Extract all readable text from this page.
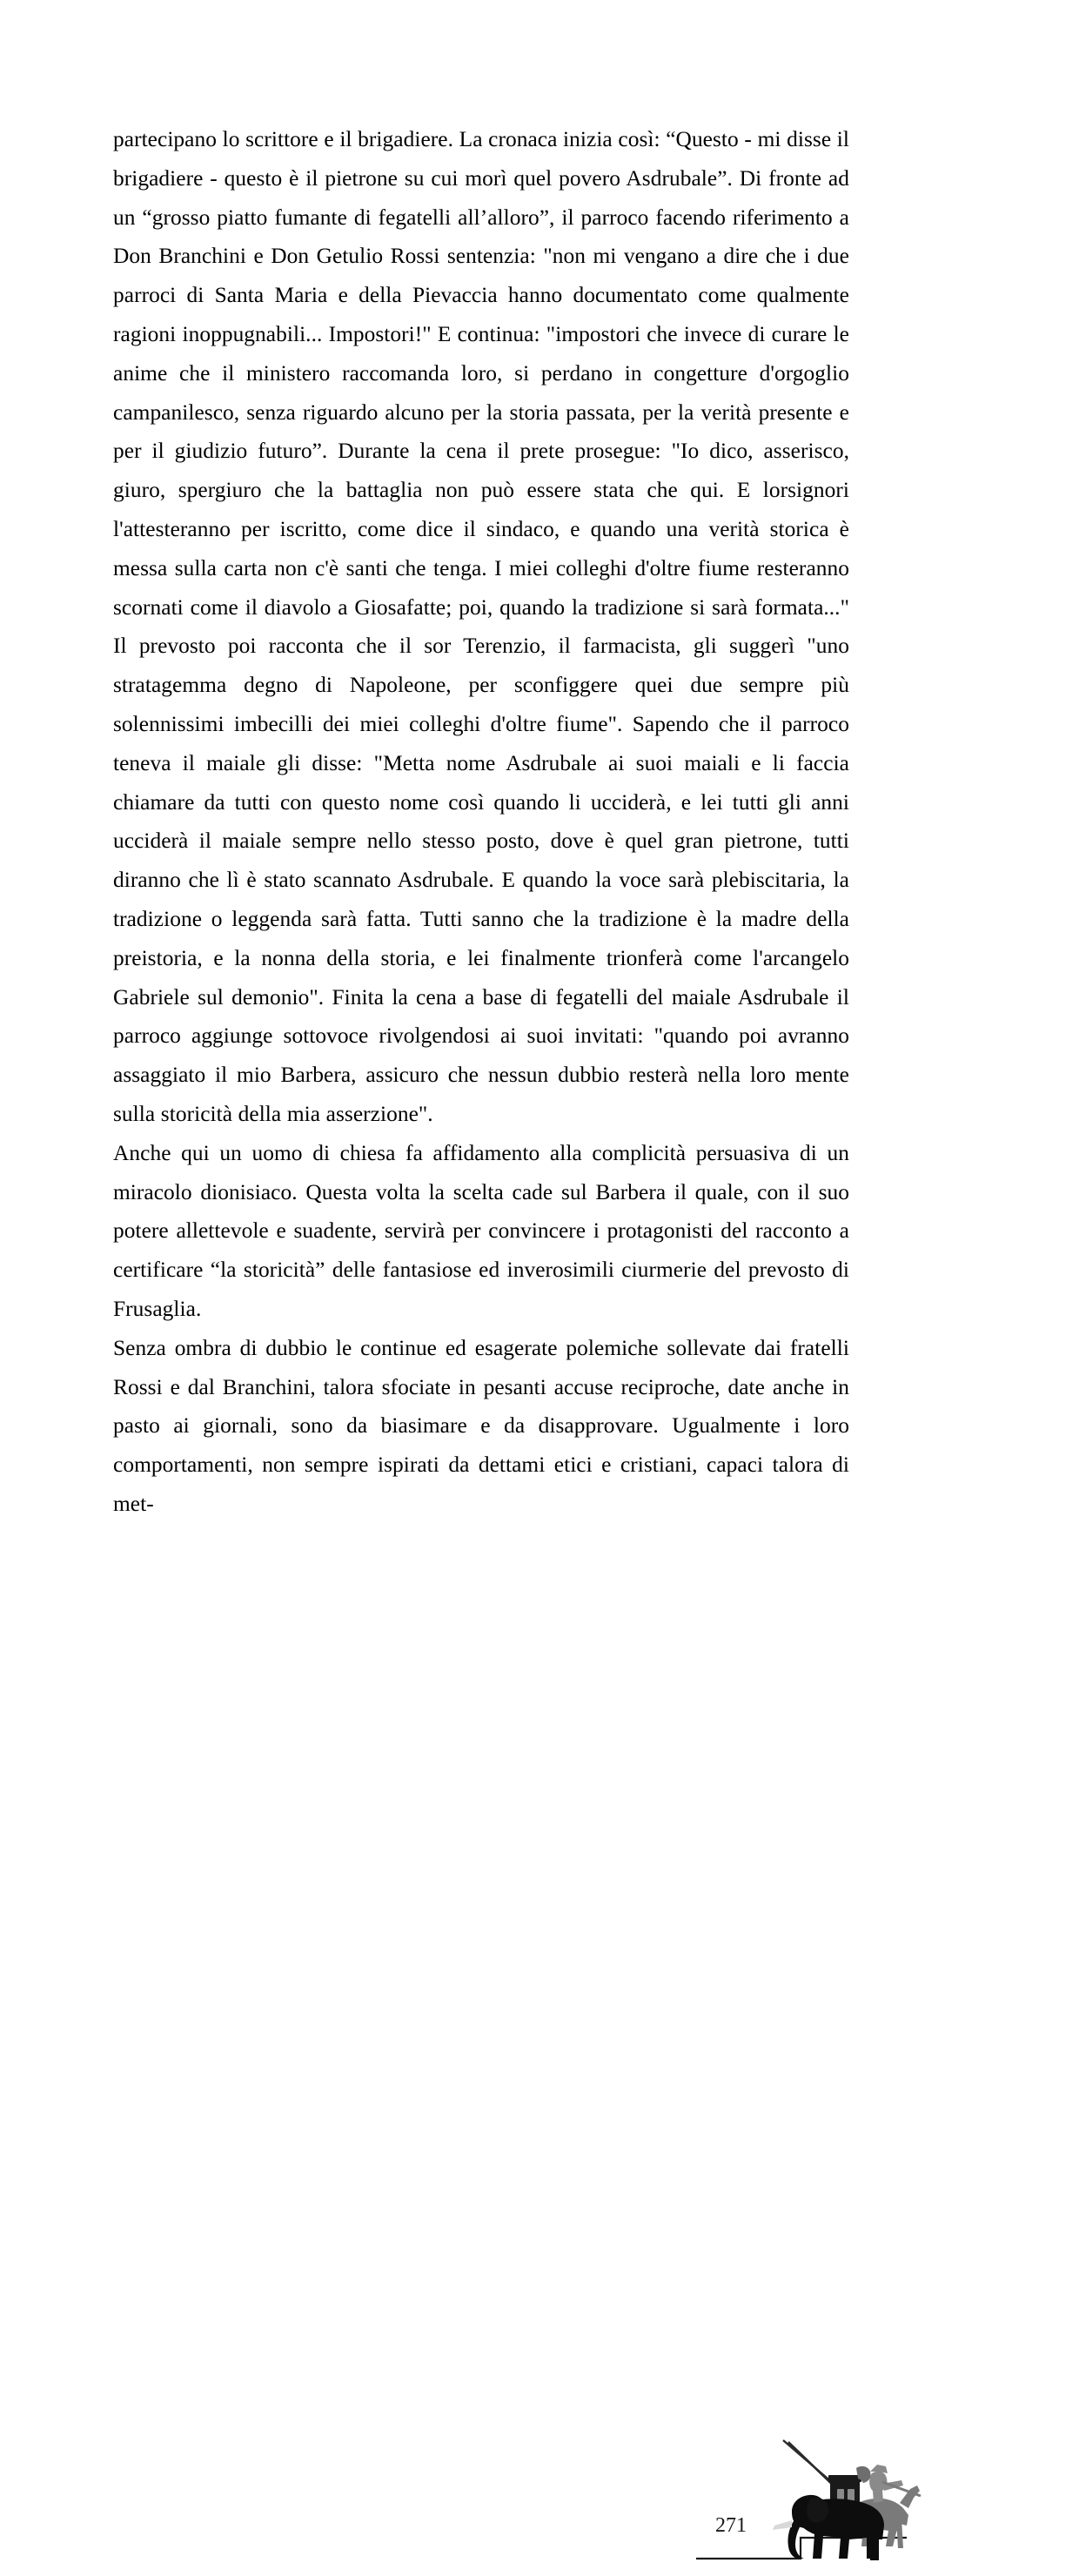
partecipano lo scrittore e il brigadiere. La cronaca inizia così: “Questo - mi disse il brigadiere - questo è il pietrone su cui morì quel povero Asdrubale”. Di fronte ad un “grosso piatto fumante di fegatelli all’alloro”, il parroco facendo riferimento a Don Branchini e Don Getulio Rossi sentenzia: "non mi vengano a dire che i due parroci di Santa Maria e della Pievaccia hanno documentato come qualmente ragioni inoppugnabili... Impostori!" E continua: "impostori che invece di curare le anime che il ministero raccomanda loro, si perdano in congetture d'orgoglio campanilesco, senza riguardo alcuno per la storia passata, per la verità presente e per il giudizio futuro”. Durante la cena il prete prosegue: "Io dico, asserisco, giuro, spergiuro che la battaglia non può essere stata che qui. E lorsignori l'attesteranno per iscritto, come dice il sindaco, e quando una verità storica è messa sulla carta non c'è santi che tenga. I miei colleghi d'oltre fiume resteranno scornati come il diavolo a Giosafatte; poi, quando la tradizione si sarà formata..." Il prevosto poi racconta che il sor Terenzio, il farmacista, gli suggerì "uno stratagemma degno di Napoleone, per sconfiggere quei due sempre più solennissimi imbecilli dei miei colleghi d'oltre fiume". Sapendo che il parroco teneva il maiale gli disse: "Metta nome Asdrubale ai suoi maiali e li faccia chiamare da tutti con questo nome così quando li ucciderà, e lei tutti gli anni ucciderà il maiale sempre nello stesso posto, dove è quel gran pietrone, tutti diranno che lì è stato scannato Asdrubale. E quando la voce sarà plebiscitaria, la tradizione o leggenda sarà fatta. Tutti sanno che la tradizione è la madre della preistoria, e la nonna della storia, e lei finalmente trionferà come l'arcangelo Gabriele sul demonio". Finita la cena a base di fegatelli del maiale Asdrubale il parroco aggiunge sottovoce rivolgendosi ai suoi invitati: "quando poi avranno assaggiato il mio Barbera, assicuro che nessun dubbio resterà nella loro mente sulla storicità della mia asserzione".

Anche qui un uomo di chiesa fa affidamento alla complicità persuasiva di un miracolo dionisiaco. Questa volta la scelta cade sul Barbera il quale, con il suo potere allettevole e suadente, servirà per convincere i protagonisti del racconto a certificare “la storicità” delle fantasiose ed inverosimili ciurmerie del prevosto di Frusaglia.

Senza ombra di dubbio le continue ed esagerate polemiche sollevate dai fratelli Rossi e dal Branchini, talora sfociate in pesanti accuse reciproche, date anche in pasto ai giornali, sono da biasimare e da disapprovare. Ugualmente i loro comportamenti, non sempre ispirati da dettami etici e cristiani, capaci talora di met-

271
